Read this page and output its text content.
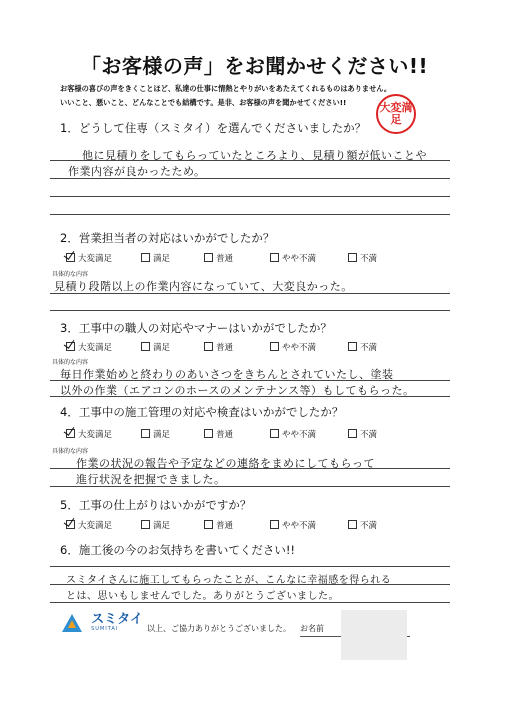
「お客様の声」をお聞かせください!!
お客様の喜びの声をきくことほど、私達の仕事に情熱とやりがいをあたえてくれるものはありません。
いいこと、悪いこと、どんなことでも結構です。是非、お客様の声を聞かせてください!!	大変満足
1．どうして住専（スミタイ）を選んでくださいましたか？
他に見積りをしてもらっていたところより、見積り額が低いことや
作業内容が良かったため。
2．営業担当者の対応はいかがでしたか？
大変満足	満足	普通	やや不満	不満
具体的な内容
見積り段階以上の作業内容になっていて、大変良かった。
3．工事中の職人の対応やマナーはいかがでしたか？
大変満足	満足	普通	やや不満	不満
具体的な内容
毎日作業始めと終わりのあいさつをきちんとされていたし、塗装
以外の作業（エアコンのホースのメンテナンス等）もしてもらった。
4．工事中の施工管理の対応や検査はいかがでしたか？
大変満足	満足	普通	やや不満	不満
具体的な内容
作業の状況の報告や予定などの連絡をまめにしてもらって
進行状況を把握できました。
5．工事の仕上がりはいかがですか？
大変満足	満足	普通	やや不満	不満
6．施工後の今のお気持ちを書いてください!!
スミタイさんに施工してもらったことが、こんなに幸福感を得られる
とは、思いもしませんでした。ありがとうございました。

スミタイ
SUMITAI	以上、ご協力ありがとうございました。 お名前
